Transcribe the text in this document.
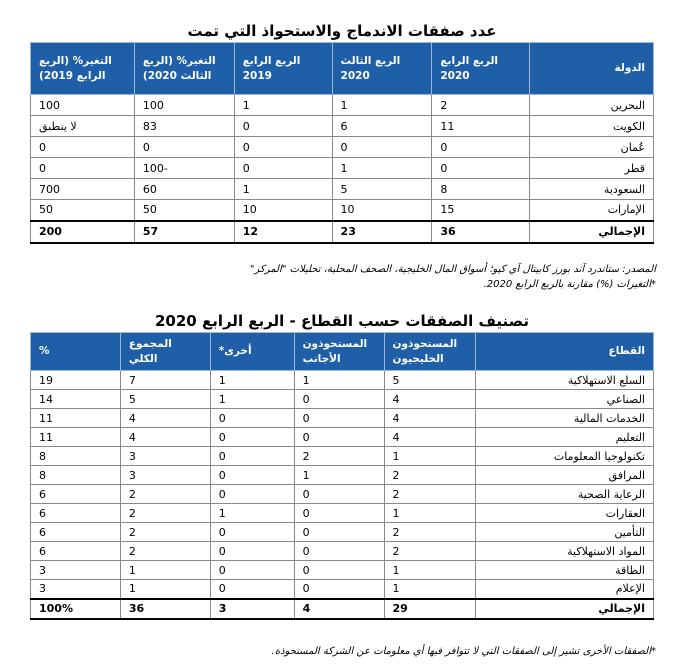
عدد صفقات الاندماج والاستحواذ التي تمت
الدولة	الربع الرابع 2020	الربع الثالث 2020	الربع الرابع 2019	التغير% (الربع الثالث 2020)	التغير% (الربع الرابع 2019)
البحرين	2	1	1	100	100
الكويت	11	6	0	83	لا ينطبق
عُمان	0	0	0	0	0
قطر	0	1	0	-100	0
السعودية	8	5	1	60	700
الإمارات	15	10	10	50	50
الإجمالي	36	23	12	57	200
المصدر: ستاندرد آند بورز كابيتال آي كيو؛ أسواق المال الخليجية، الصحف المحلية، تحليلات "المركز"
*التغيرات (%) مقارنة بالربع الرابع 2020.
تصنيف الصفقات حسب القطاع - الربع الرابع 2020
القطاع	المستحوذون الخليجيون	المستحوذون الأجانب	أخرى*	المجموع الكلي	%
السلع الاستهلاكية	5	1	1	7	19
الصناعي	4	0	1	5	14
الخدمات المالية	4	0	0	4	11
التعليم	4	0	0	4	11
تكنولوجيا المعلومات	1	2	0	3	8
المرافق	2	1	0	3	8
الرعاية الصحية	2	0	0	2	6
العقارات	1	0	1	2	6
التأمين	2	0	0	2	6
المواد الاستهلاكية	2	0	0	2	6
الطاقة	1	0	0	1	3
الإعلام	1	0	0	1	3
الإجمالي	29	4	3	36	100%
*الصفقات الأخرى تشير إلى الصفقات التي لا تتوافر فيها أي معلومات عن الشركة المستحوذة.
